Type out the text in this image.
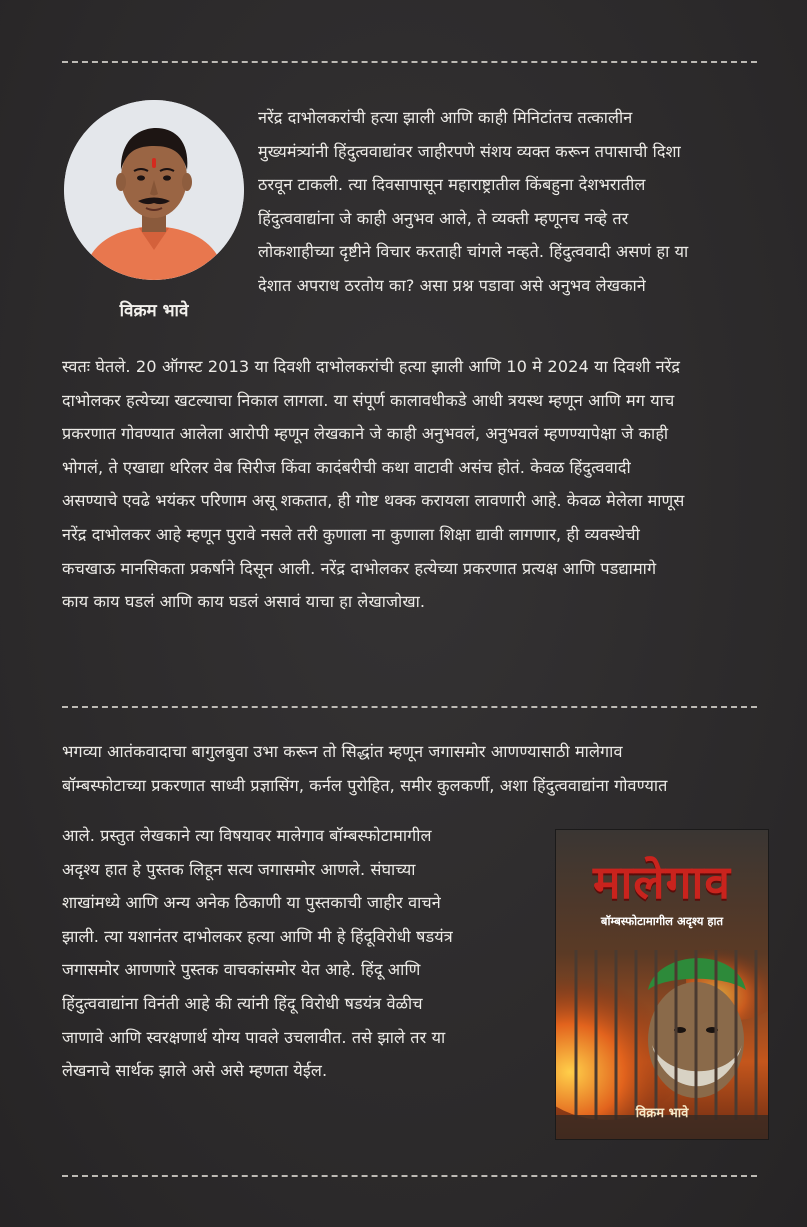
विक्रम भावे
नरेंद्र दाभोलकरांची हत्या झाली आणि काही मिनिटांतच तत्कालीन
मुख्यमंत्र्यांनी हिंदुत्ववाद्यांवर जाहीरपणे संशय व्यक्त करून तपासाची दिशा
ठरवून टाकली. त्या दिवसापासून महाराष्ट्रातील किंबहुना देशभरातील
हिंदुत्ववाद्यांना जे काही अनुभव आले, ते व्यक्ती म्हणूनच नव्हे तर
लोकशाहीच्या दृष्टीने विचार करताही चांगले नव्हते. हिंदुत्ववादी असणं हा या
देशात अपराध ठरतोय का? असा प्रश्न पडावा असे अनुभव लेखकाने
स्वतः घेतले. 20 ऑगस्ट 2013 या दिवशी दाभोलकरांची हत्या झाली आणि 10 मे 2024 या दिवशी नरेंद्र
दाभोलकर हत्येच्या खटल्याचा निकाल लागला. या संपूर्ण कालावधीकडे आधी त्रयस्थ म्हणून आणि मग याच
प्रकरणात गोवण्यात आलेला आरोपी म्हणून लेखकाने जे काही अनुभवलं, अनुभवलं म्हणण्यापेक्षा जे काही
भोगलं, ते एखाद्या थरिलर वेब सिरीज किंवा कादंबरीची कथा वाटावी असंच होतं. केवळ हिंदुत्ववादी
असण्याचे एवढे भयंकर परिणाम असू शकतात, ही गोष्ट थक्क करायला लावणारी आहे. केवळ मेलेला माणूस
नरेंद्र दाभोलकर आहे म्हणून पुरावे नसले तरी कुणाला ना कुणाला शिक्षा द्यावी लागणार, ही व्यवस्थेची
कचखाऊ मानसिकता प्रकर्षाने दिसून आली. नरेंद्र दाभोलकर हत्येच्या प्रकरणात प्रत्यक्ष आणि पडद्यामागे
काय काय घडलं आणि काय घडलं असावं याचा हा लेखाजोखा.
भगव्या आतंकवादाचा बागुलबुवा उभा करून तो सिद्धांत म्हणून जगासमोर आणण्यासाठी मालेगाव
बॉम्बस्फोटाच्या प्रकरणात साध्वी प्रज्ञासिंग, कर्नल पुरोहित, समीर कुलकर्णी, अशा हिंदुत्ववाद्यांना गोवण्यात
आले. प्रस्तुत लेखकाने त्या विषयावर मालेगाव बॉम्बस्फोटामागील
अदृश्य हात हे पुस्तक लिहून सत्य जगासमोर आणले. संघाच्या
शाखांमध्ये आणि अन्य अनेक ठिकाणी या पुस्तकाची जाहीर वाचने
झाली. त्या यशानंतर दाभोलकर हत्या आणि मी हे हिंदूविरोधी षडयंत्र
जगासमोर आणणारे पुस्तक वाचकांसमोर येत आहे. हिंदू आणि
हिंदुत्ववाद्यांना विनंती आहे की त्यांनी हिंदू विरोधी षडयंत्र वेळीच
जाणावे आणि स्वरक्षणार्थ योग्य पावले उचलावीत. तसे झाले तर या
लेखनाचे सार्थक झाले असे असे म्हणता येईल.
मालेगाव
बॉम्बस्फोटामागील अदृश्य हात
विक्रम भावे
